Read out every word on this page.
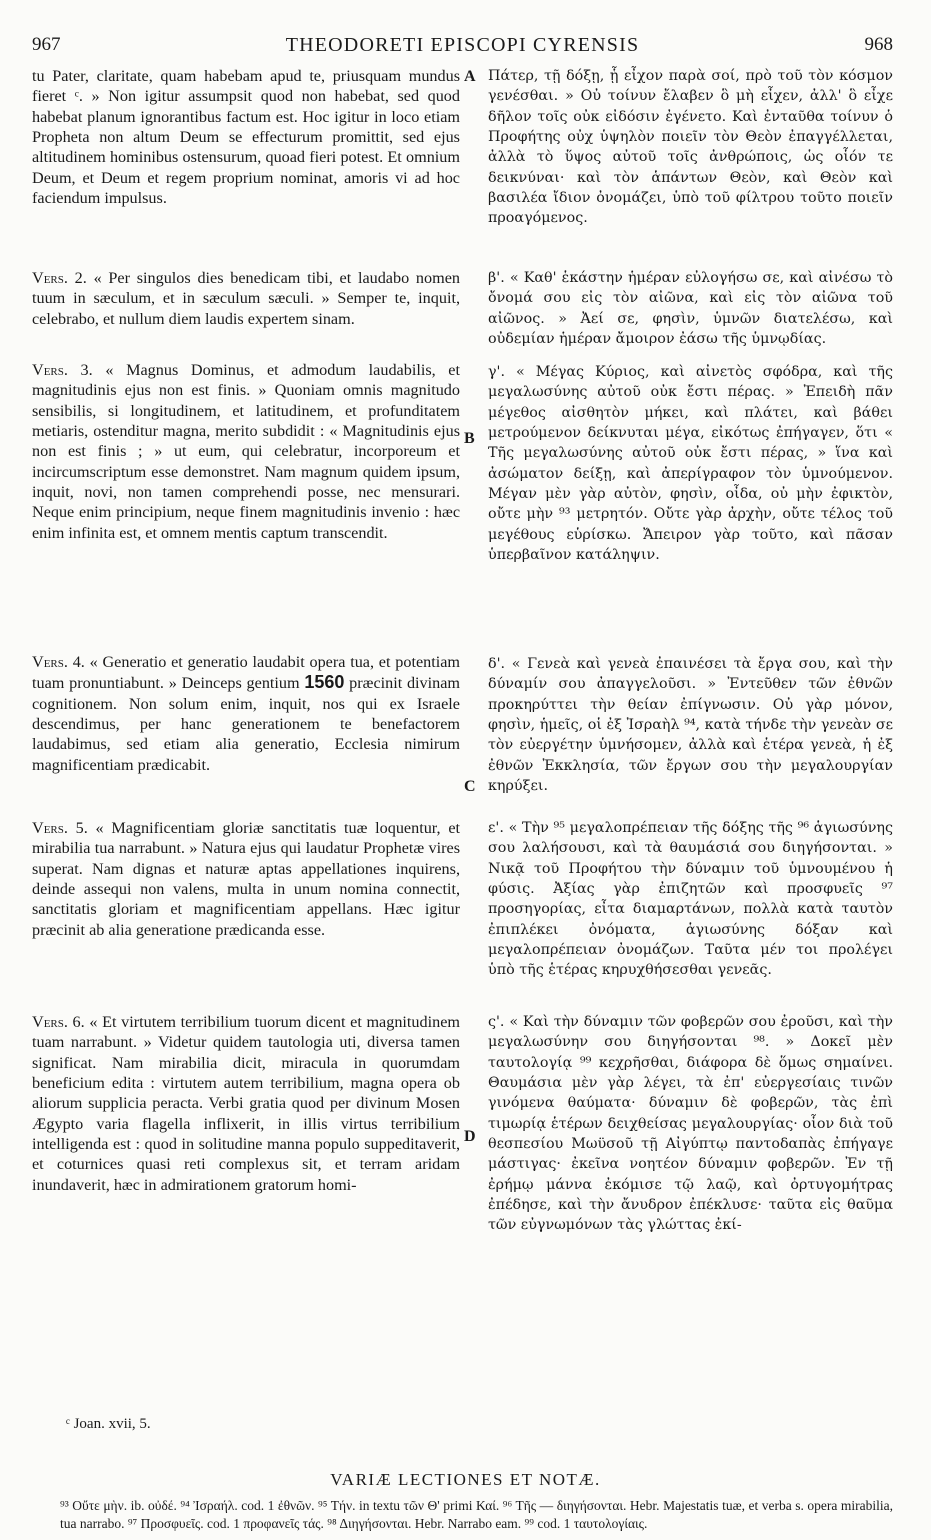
967	THEODORETI EPISCOPI CYRENSIS	968
A
B
C
D

tu Pater, claritate, quam habebam apud te, priusquam mundus fieret ᶜ. » Non igitur assumpsit quod non habebat, sed quod habebat planum ignorantibus factum est. Hoc igitur in loco etiam Propheta non altum Deum se effecturum promittit, sed ejus altitudinem hominibus ostensurum, quoad fieri potest. Et omnium Deum, et Deum et regem proprium nominat, amoris vi ad hoc faciendum impulsus.

Vers. 2. « Per singulos dies benedicam tibi, et laudabo nomen tuum in sæculum, et in sæculum sæculi. » Semper te, inquit, celebrabo, et nullum diem laudis expertem sinam.

Vers. 3. « Magnus Dominus, et admodum laudabilis, et magnitudinis ejus non est finis. » Quoniam omnis magnitudo sensibilis, si longitudinem, et latitudinem, et profunditatem metiaris, ostenditur magna, merito subdidit : « Magnitudinis ejus non est finis ; » ut eum, qui celebratur, incorporeum et incircumscriptum esse demonstret. Nam magnum quidem ipsum, inquit, novi, non tamen comprehendi posse, nec mensurari. Neque enim principium, neque finem magnitudinis invenio : hæc enim infinita est, et omnem mentis captum transcendit.

Vers. 4. « Generatio et generatio laudabit opera tua, et potentiam tuam pronuntiabunt. » Deinceps gentium 1560 præcinit divinam cognitionem. Non solum enim, inquit, nos qui ex Israele descendimus, per hanc generationem te benefactorem laudabimus, sed etiam alia generatio, Ecclesia nimirum magnificentiam prædicabit.

Vers. 5. « Magnificentiam gloriæ sanctitatis tuæ loquentur, et mirabilia tua narrabunt. » Natura ejus qui laudatur Prophetæ vires superat. Nam dignas et naturæ aptas appellationes inquirens, deinde assequi non valens, multa in unum nomina connectit, sanctitatis gloriam et magnificentiam appellans. Hæc igitur præcinit ab alia generatione prædicanda esse.

Vers. 6. « Et virtutem terribilium tuorum dicent et magnitudinem tuam narrabunt. » Videtur quidem tautologia uti, diversa tamen significat. Nam mirabilia dicit, miracula in quorumdam beneficium edita : virtutem autem terribilium, magna opera ob aliorum supplicia peracta. Verbi gratia quod per divinum Mosen Ægypto varia flagella inflixerit, in illis virtus terribilium intelligenda est : quod in solitudine manna populo suppeditaverit, et coturnices quasi reti complexus sit, et terram aridam inundaverit, hæc in admirationem gratorum homi-

Πάτερ, τῇ δόξῃ, ᾗ εἶχον παρὰ σοί, πρὸ τοῦ τὸν κόσμον γενέσθαι. » Οὐ τοίνυν ἔλαβεν ὃ μὴ εἶχεν, ἀλλ' ὃ εἶχε δῆλον τοῖς οὐκ εἰδόσιν ἐγένετο. Καὶ ἐνταῦθα τοίνυν ὁ Προφήτης οὐχ ὑψηλὸν ποιεῖν τὸν Θεὸν ἐπαγγέλλεται, ἀλλὰ τὸ ὕψος αὐτοῦ τοῖς ἀνθρώποις, ὡς οἷόν τε δεικνύναι· καὶ τὸν ἁπάντων Θεὸν, καὶ Θεὸν καὶ βασιλέα ἴδιον ὀνομάζει, ὑπὸ τοῦ φίλτρου τοῦτο ποιεῖν προαγόμενος.

β'. « Καθ' ἑκάστην ἡμέραν εὐλογήσω σε, καὶ αἰνέσω τὸ ὄνομά σου εἰς τὸν αἰῶνα, καὶ εἰς τὸν αἰῶνα τοῦ αἰῶνος. » Ἀεί σε, φησὶν, ὑμνῶν διατελέσω, καὶ οὐδεμίαν ἡμέραν ἄμοιρον ἐάσω τῆς ὑμνῳδίας.

γ'. « Μέγας Κύριος, καὶ αἰνετὸς σφόδρα, καὶ τῆς μεγαλωσύνης αὐτοῦ οὐκ ἔστι πέρας. » Ἐπειδὴ πᾶν μέγεθος αἰσθητὸν μήκει, καὶ πλάτει, καὶ βάθει μετρούμενον δείκνυται μέγα, εἰκότως ἐπήγαγεν, ὅτι « Τῆς μεγαλωσύνης αὐτοῦ οὐκ ἔστι πέρας, » ἵνα καὶ ἀσώματον δείξῃ, καὶ ἀπερίγραφον τὸν ὑμνούμενον. Μέγαν μὲν γὰρ αὐτὸν, φησὶν, οἶδα, οὐ μὴν ἐφικτὸν, οὔτε μὴν ⁹³ μετρητόν. Οὔτε γὰρ ἀρχὴν, οὔτε τέλος τοῦ μεγέθους εὑρίσκω. Ἄπειρον γὰρ τοῦτο, καὶ πᾶσαν ὑπερβαῖνον κατάληψιν.

δ'. « Γενεὰ καὶ γενεὰ ἐπαινέσει τὰ ἔργα σου, καὶ τὴν δύναμίν σου ἀπαγγελοῦσι. » Ἐντεῦθεν τῶν ἐθνῶν προκηρύττει τὴν θείαν ἐπίγνωσιν. Οὐ γὰρ μόνον, φησὶν, ἡμεῖς, οἱ ἐξ Ἰσραὴλ ⁹⁴, κατὰ τήνδε τὴν γενεὰν σε τὸν εὐεργέτην ὑμνήσομεν, ἀλλὰ καὶ ἑτέρα γενεὰ, ἡ ἐξ ἐθνῶν Ἐκκλησία, τῶν ἔργων σου τὴν μεγαλουργίαν κηρύξει.

ε'. « Τὴν ⁹⁵ μεγαλοπρέπειαν τῆς δόξης τῆς ⁹⁶ ἁγιωσύνης σου λαλήσουσι, καὶ τὰ θαυμάσιά σου διηγήσονται. » Νικᾷ τοῦ Προφήτου τὴν δύναμιν τοῦ ὑμνουμένου ἡ φύσις. Ἀξίας γὰρ ἐπιζητῶν καὶ προσφυεῖς ⁹⁷ προσηγορίας, εἶτα διαμαρτάνων, πολλὰ κατὰ ταυτὸν ἐπιπλέκει ὀνόματα, ἁγιωσύνης δόξαν καὶ μεγαλοπρέπειαν ὀνομάζων. Ταῦτα μέν τοι προλέγει ὑπὸ τῆς ἑτέρας κηρυχθήσεσθαι γενεᾶς.

ς'. « Καὶ τὴν δύναμιν τῶν φοβερῶν σου ἐροῦσι, καὶ τὴν μεγαλωσύνην σου διηγήσονται ⁹⁸. » Δοκεῖ μὲν ταυτολογίᾳ ⁹⁹ κεχρῆσθαι, διάφορα δὲ ὅμως σημαίνει. Θαυμάσια μὲν γὰρ λέγει, τὰ ἐπ' εὐεργεσίαις τινῶν γινόμενα θαύματα· δύναμιν δὲ φοβερῶν, τὰς ἐπὶ τιμωρίᾳ ἑτέρων δειχθείσας μεγαλουργίας· οἷον διὰ τοῦ θεσπεσίου Μωϋσοῦ τῇ Αἰγύπτῳ παντοδαπὰς ἐπήγαγε μάστιγας· ἐκεῖνα νοητέον δύναμιν φοβερῶν. Ἐν τῇ ἐρήμῳ μάννα ἐκόμισε τῷ λαῷ, καὶ ὀρτυγομήτρας ἐπέδησε, καὶ τὴν ἄνυδρον ἐπέκλυσε· ταῦτα εἰς θαῦμα τῶν εὐγνωμόνων τὰς γλώττας ἐκί-

ᶜ Joan. xvii, 5.
VARIÆ LECTIONES ET NOTÆ.
⁹³ Οὔτε μὴν. ib. οὐδέ. ⁹⁴ Ἰσραήλ. cod. 1 ἐθνῶν. ⁹⁵ Τήν. in textu τῶν Θ' primi Καί. ⁹⁶ Τῆς — διηγήσονται. Hebr. Majestatis tuæ, et verba s. opera mirabilia, tua narrabo. ⁹⁷ Προσφυεῖς. cod. 1 προφανεῖς τάς. ⁹⁸ Διηγήσονται. Hebr. Narrabo eam. ⁹⁹ cod. 1 ταυτολογίαις.
